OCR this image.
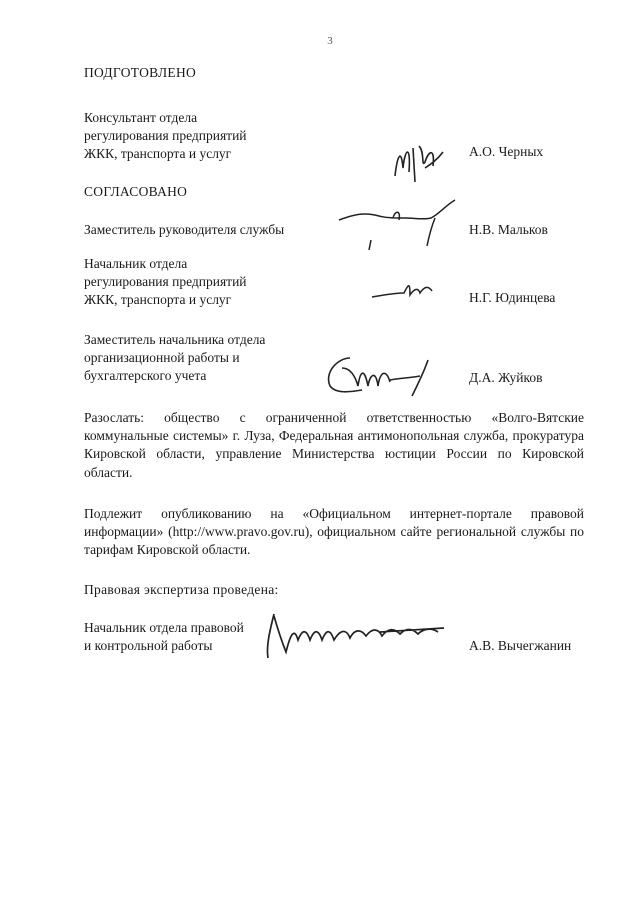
3
ПОДГОТОВЛЕНО
Консультант отдела
регулирования предприятий
ЖКК, транспорта и услуг	А.О. Черных
СОГЛАСОВАНО
Заместитель руководителя службы	Н.В. Мальков
Начальник отдела
регулирования предприятий
ЖКК, транспорта и услуг	Н.Г. Юдинцева
Заместитель начальника отдела
организационной работы и
бухгалтерского учета	Д.А. Жуйков
Разослать: общество с ограниченной ответственностью «Волго-Вятские коммунальные системы» г. Луза, Федеральная антимонопольная служба, прокуратура Кировской области, управление Министерства юстиции России по Кировской области.
Подлежит опубликованию на «Официальном интернет-портале правовой информации» (http://www.pravo.gov.ru), официальном сайте региональной службы по тарифам Кировской области.
Правовая экспертиза проведена:
Начальник отдела правовой
и контрольной работы	А.В. Вычегжанин
